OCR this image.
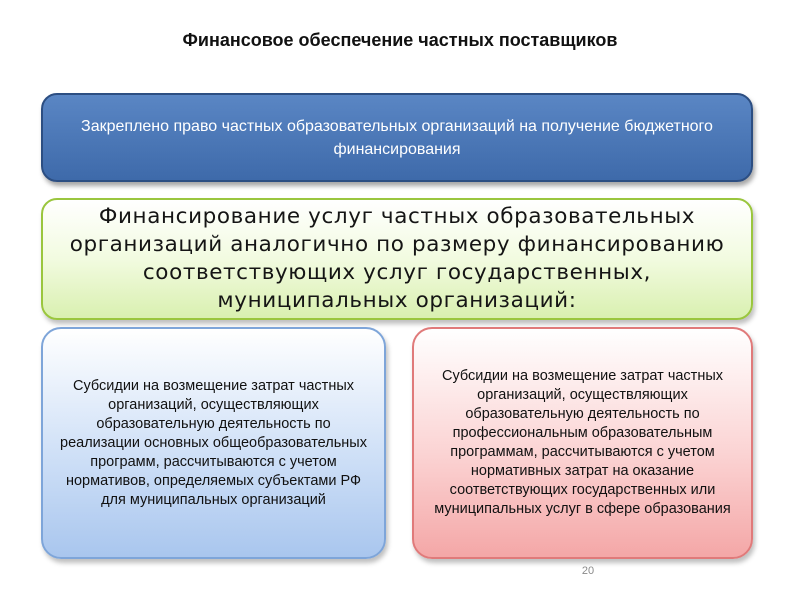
Финансовое обеспечение частных поставщиков
Закреплено право частных образовательных организаций на получение бюджетного финансирования
Финансирование услуг частных образовательных организаций аналогично по размеру финансированию соответствующих услуг государственных, муниципальных организаций:
Субсидии на возмещение затрат частных организаций, осуществляющих образовательную деятельность по реализации основных общеобразовательных программ, рассчитываются с учетом нормативов, определяемых субъектами РФ для муниципальных организаций
Субсидии на возмещение затрат частных организаций, осуществляющих образовательную деятельность по профессиональным образовательным программам, рассчитываются с учетом нормативных затрат на оказание соответствующих государственных или муниципальных услуг в сфере образования
20
